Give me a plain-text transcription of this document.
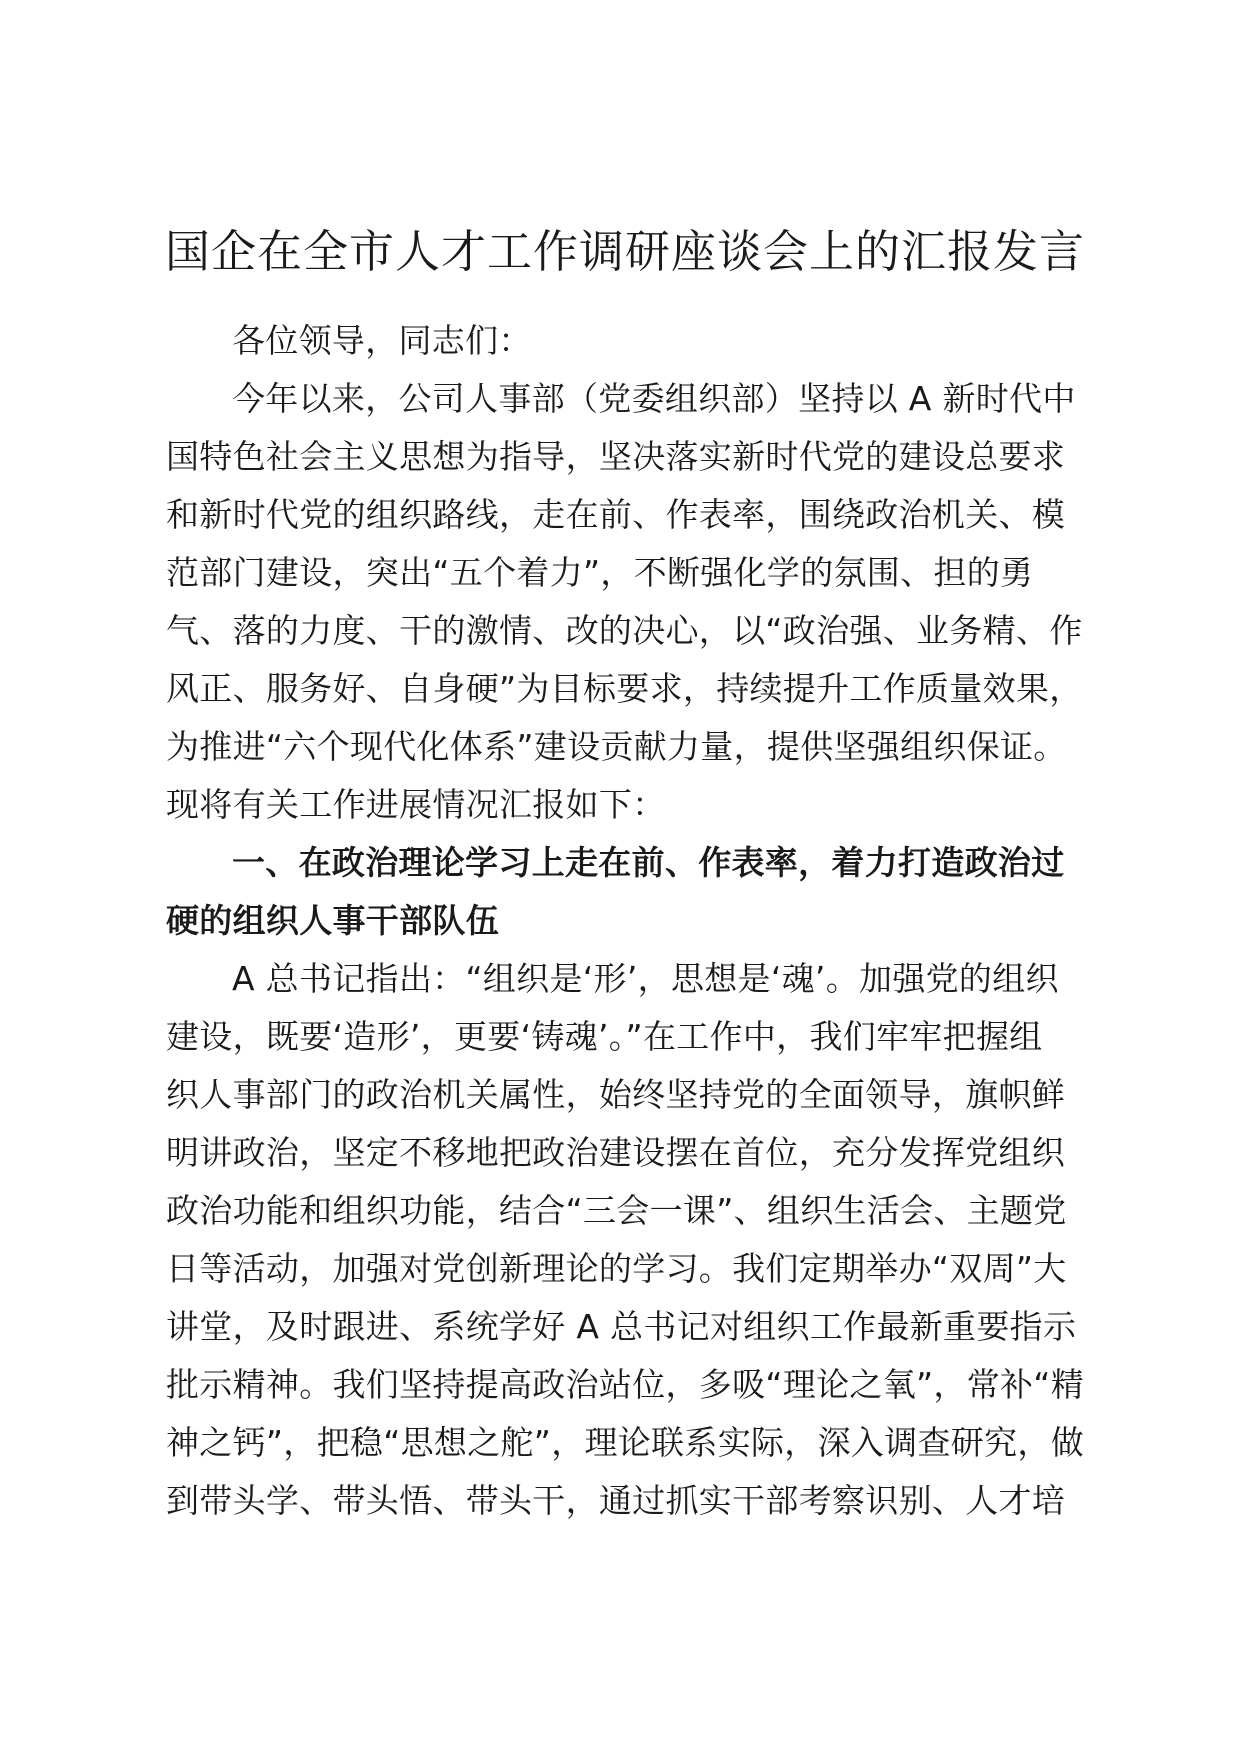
国企在全市人才工作调研座谈会上的汇报发言
各位领导，同志们：
今年以来，公司人事部（党委组织部）坚持以 A 新时代中
国特色社会主义思想为指导，坚决落实新时代党的建设总要求
和新时代党的组织路线，走在前、作表率，围绕政治机关、模
范部门建设，突出“五个着力”，不断强化学的氛围、担的勇
气、落的力度、干的激情、改的决心，以“政治强、业务精、作
风正、服务好、自身硬”为目标要求，持续提升工作质量效果，
为推进“六个现代化体系”建设贡献力量，提供坚强组织保证。
现将有关工作进展情况汇报如下：
一、在政治理论学习上走在前、作表率，着力打造政治过
硬的组织人事干部队伍
A 总书记指出：“组织是‘形’，思想是‘魂’。加强党的组织
建设，既要‘造形’，更要‘铸魂’。”在工作中，我们牢牢把握组
织人事部门的政治机关属性，始终坚持党的全面领导，旗帜鲜
明讲政治，坚定不移地把政治建设摆在首位，充分发挥党组织
政治功能和组织功能，结合“三会一课”、组织生活会、主题党
日等活动，加强对党创新理论的学习。我们定期举办“双周”大
讲堂，及时跟进、系统学好 A 总书记对组织工作最新重要指示
批示精神。我们坚持提高政治站位，多吸“理论之氧”，常补“精
神之钙”，把稳“思想之舵”，理论联系实际，深入调查研究，做
到带头学、带头悟、带头干，通过抓实干部考察识别、人才培
